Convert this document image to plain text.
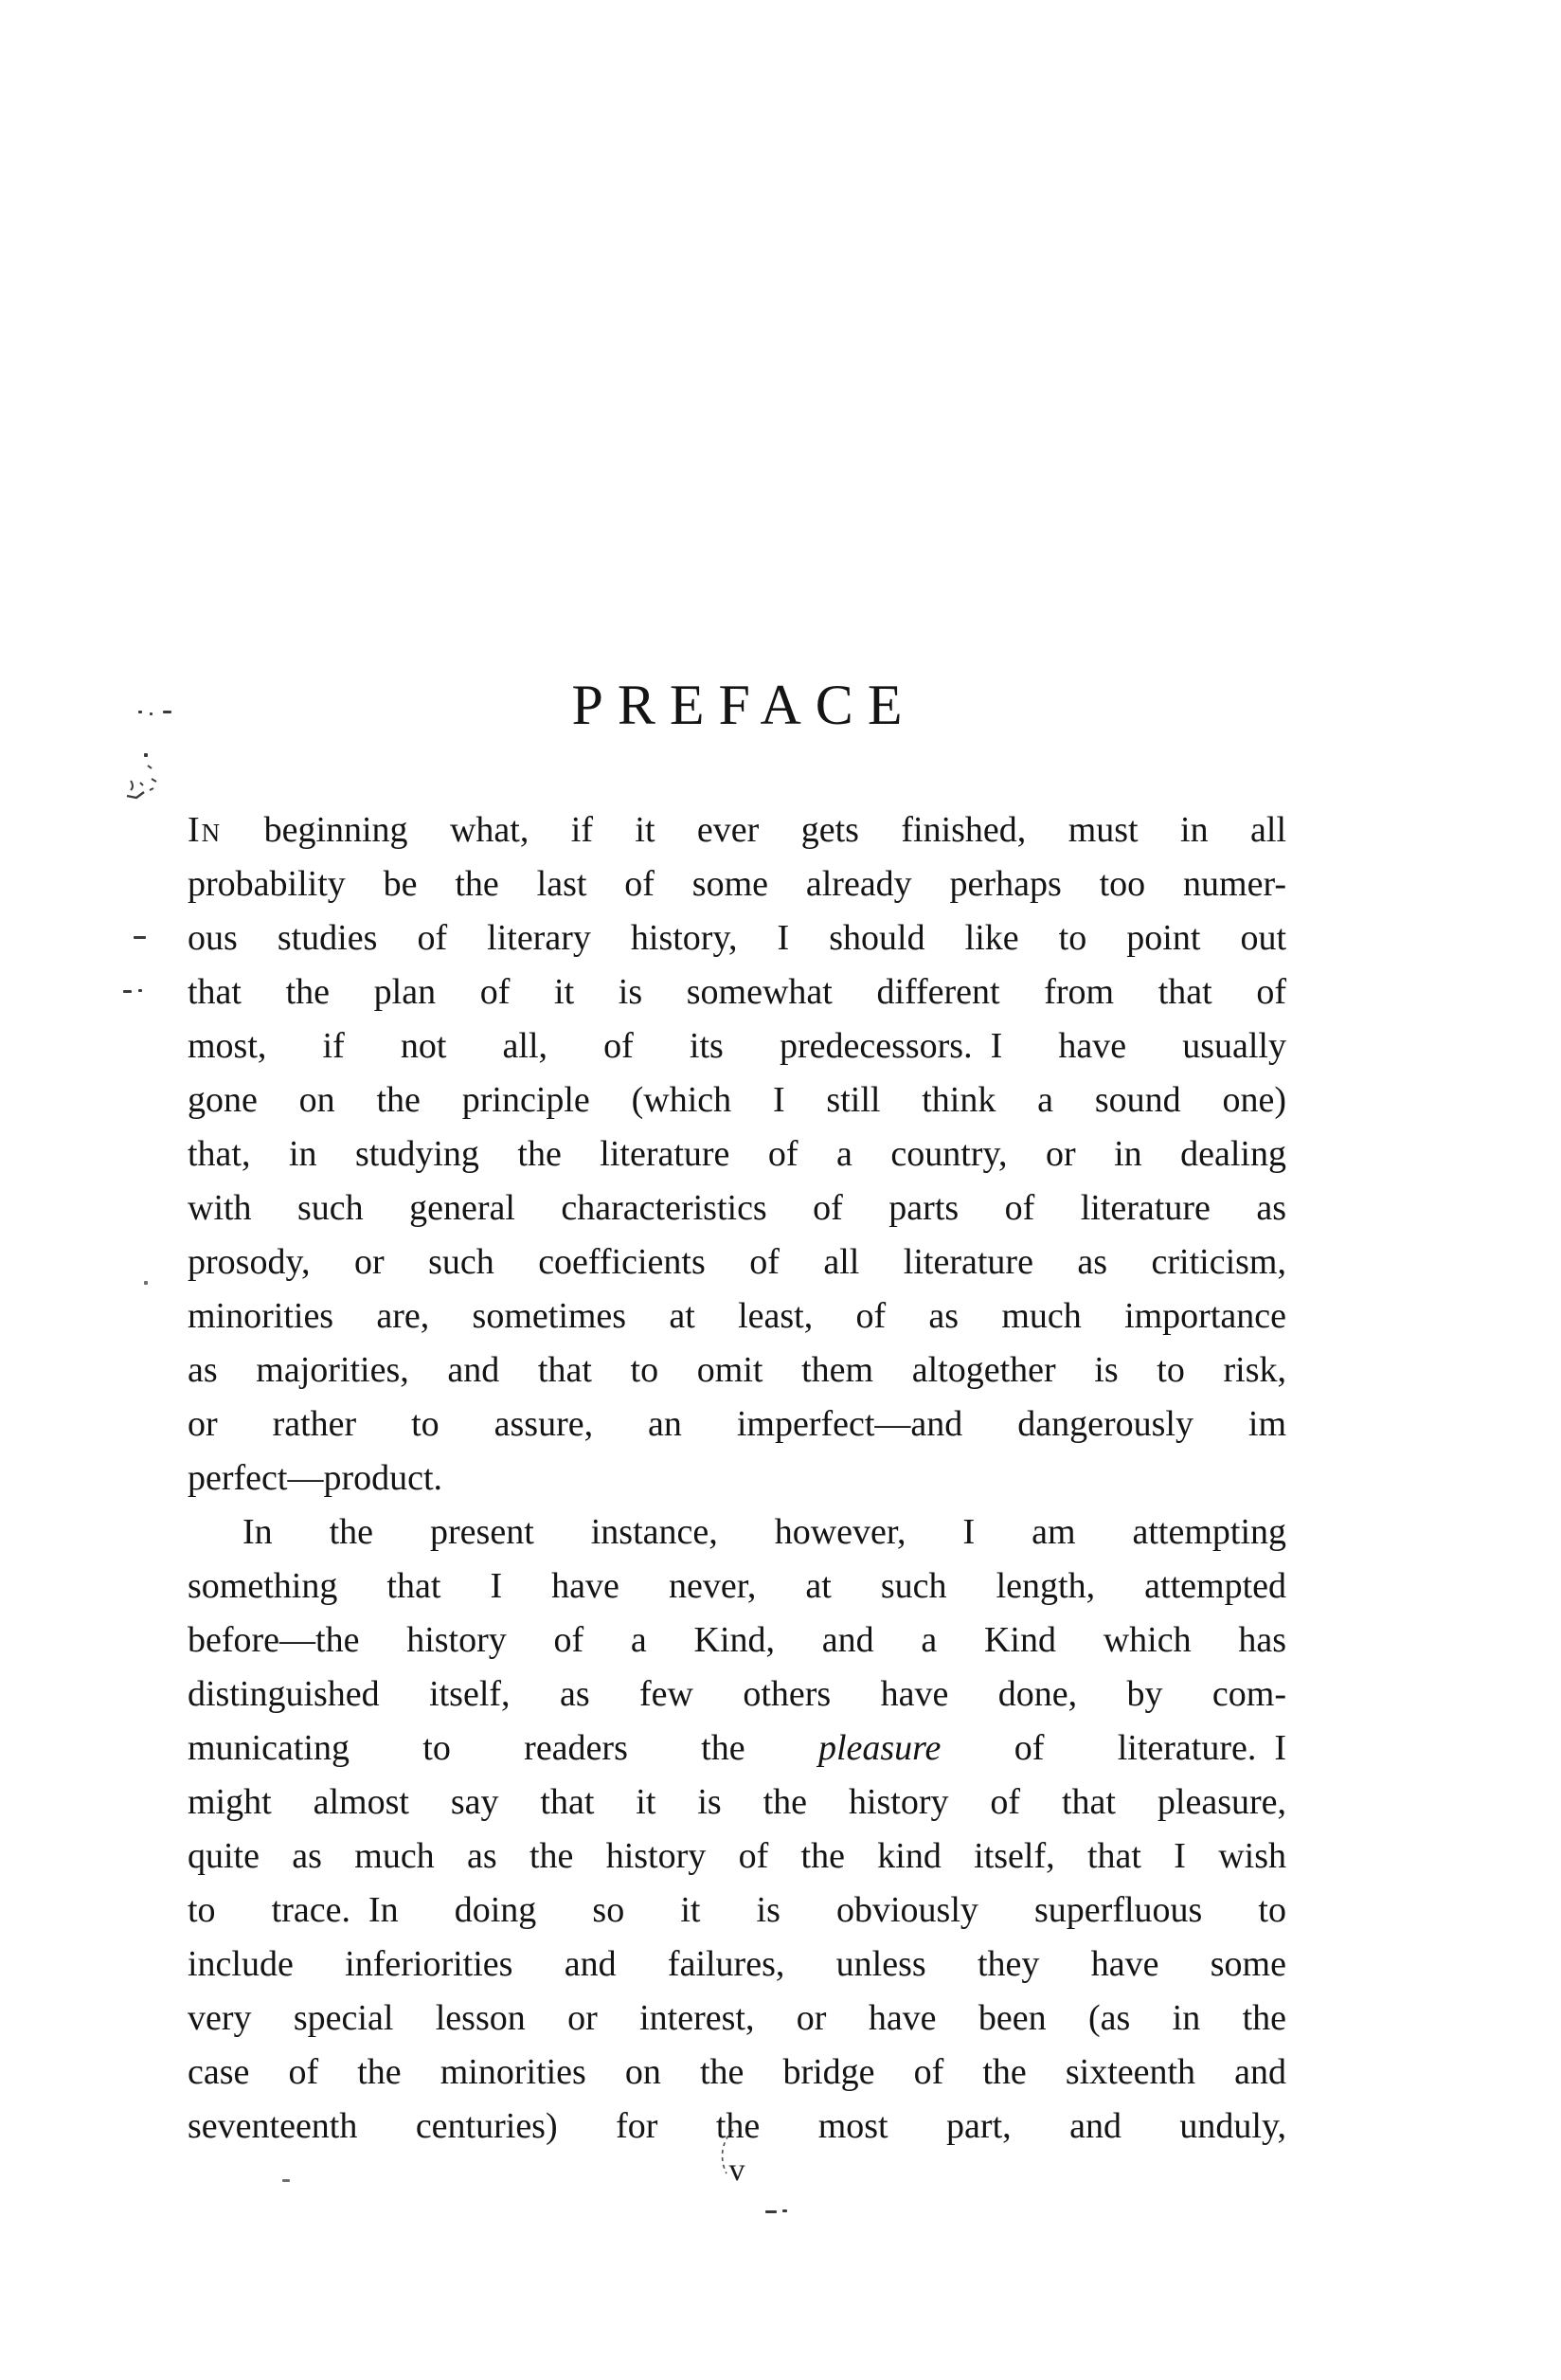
PREFACE
In beginning what, if it ever gets finished, must in all
probability be the last of some already perhaps too numer-
ous studies of literary history, I should like to point out
that the plan of it is somewhat different from that of
most, if not all, of its predecessors. I have usually
gone on the principle (which I still think a sound one)
that, in studying the literature of a country, or in dealing
with such general characteristics of parts of literature as
prosody, or such coefficients of all literature as criticism,
minorities are, sometimes at least, of as much importance
as majorities, and that to omit them altogether is to risk,
or rather to assure, an imperfect—and dangerously im
perfect—product.
In the present instance, however, I am attempting
something that I have never, at such length, attempted
before—the history of a Kind, and a Kind which has
distinguished itself, as few others have done, by com-
municating to readers the pleasure of literature. I
might almost say that it is the history of that pleasure,
quite as much as the history of the kind itself, that I wish
to trace. In doing so it is obviously superfluous to
include inferiorities and failures, unless they have some
very special lesson or interest, or have been (as in the
case of the minorities on the bridge of the sixteenth and
seventeenth centuries) for the most part, and unduly,
v
